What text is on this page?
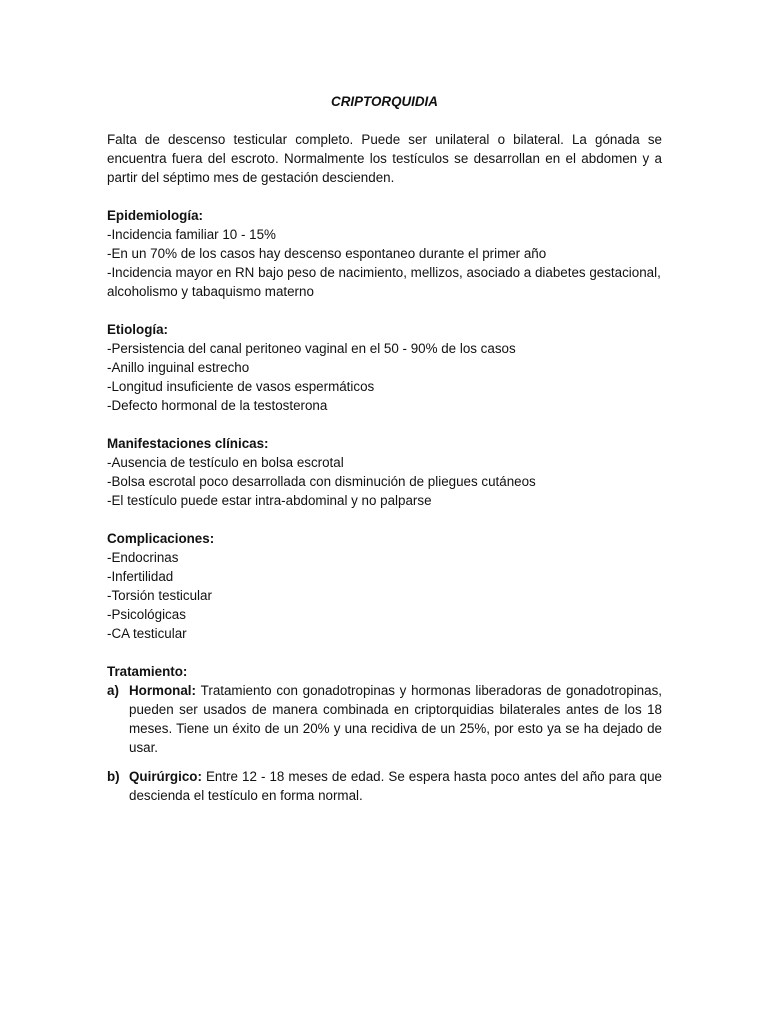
CRIPTORQUIDIA

Falta de descenso testicular completo. Puede ser unilateral o bilateral. La gónada se encuentra fuera del escroto. Normalmente los testículos se desarrollan en el abdomen y a partir del séptimo mes de gestación descienden.

Epidemiología:

-Incidencia familiar 10 - 15%

-En un 70% de los casos hay descenso espontaneo durante el primer año

-Incidencia mayor en RN bajo peso de nacimiento, mellizos, asociado a diabetes gestacional, alcoholismo y tabaquismo materno

Etiología:

-Persistencia del canal peritoneo vaginal en el 50 - 90% de los casos

-Anillo inguinal estrecho

-Longitud insuficiente de vasos espermáticos

-Defecto hormonal de la testosterona

Manifestaciones clínicas:

-Ausencia de testículo en bolsa escrotal

-Bolsa escrotal poco desarrollada con disminución de pliegues cutáneos

-El testículo puede estar intra-abdominal y no palparse

Complicaciones:

-Endocrinas

-Infertilidad

-Torsión testicular

-Psicológicas

-CA testicular

Tratamiento:

a) Hormonal: Tratamiento con gonadotropinas y hormonas liberadoras de gonadotropinas, pueden ser usados de manera combinada en criptorquidias bilaterales antes de los 18 meses. Tiene un éxito de un 20% y una recidiva de un 25%, por esto ya se ha dejado de usar.
b) Quirúrgico: Entre 12 - 18 meses de edad. Se espera hasta poco antes del año para que descienda el testículo en forma normal.
